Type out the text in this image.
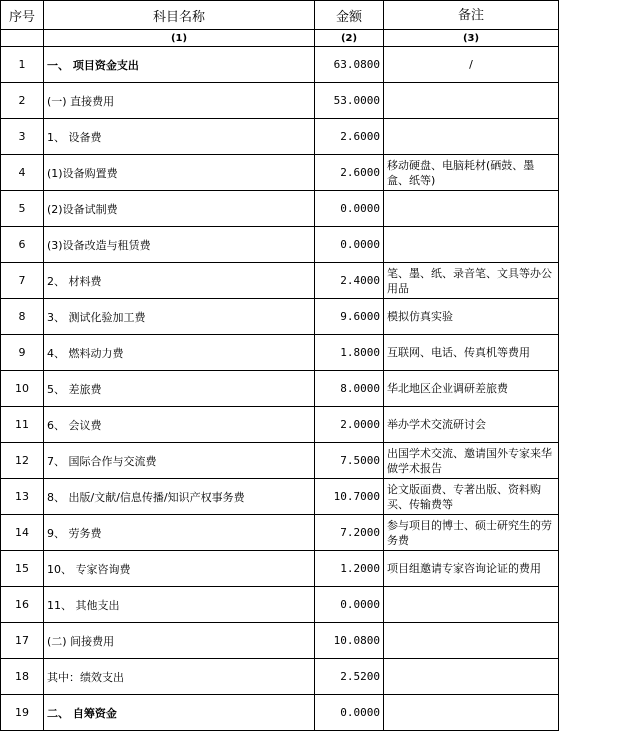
序号	科目名称	金额	备注
	(1)	(2)	(3)
1	一、 项目资金支出	63.0800	/
2	(一) 直接费用	53.0000	
3	1、 设备费	2.6000	
4	(1)设备购置费	2.6000	移动硬盘、电脑耗材(硒鼓、墨盒、纸等)
5	(2)设备试制费	0.0000	
6	(3)设备改造与租赁费	0.0000	
7	2、 材料费	2.4000	笔、墨、纸、录音笔、文具等办公用品
8	3、 测试化验加工费	9.6000	模拟仿真实验
9	4、 燃料动力费	1.8000	互联网、电话、传真机等费用
10	5、 差旅费	8.0000	华北地区企业调研差旅费
11	6、 会议费	2.0000	举办学术交流研讨会
12	7、 国际合作与交流费	7.5000	出国学术交流、邀请国外专家来华做学术报告
13	8、 出版/文献/信息传播/知识产权事务费	10.7000	论文版面费、专著出版、资料购买、传输费等
14	9、 劳务费	7.2000	参与项目的博士、硕士研究生的劳务费
15	10、 专家咨询费	1.2000	项目组邀请专家咨询论证的费用
16	11、 其他支出	0.0000	
17	(二) 间接费用	10.0800	
18	其中：绩效支出	2.5200	
19	二、 自筹资金	0.0000	
